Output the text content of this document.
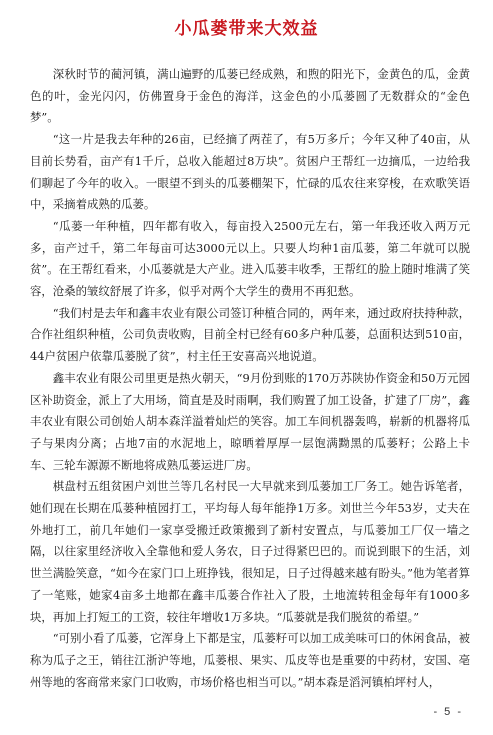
小瓜蒌带来大效益

深秋时节的蔺河镇，满山遍野的瓜蒌已经成熟，和煦的阳光下，金黄色的瓜，金黄色的叶，金光闪闪，仿佛置身于金色的海洋，这金色的小瓜蒌圆了无数群众的“金色梦”。

“这一片是我去年种的26亩，已经摘了两茬了，有5万多斤；今年又种了40亩，从目前长势看，亩产有1千斤，总收入能超过8万块”。贫困户王帮红一边摘瓜，一边给我们聊起了今年的收入。一眼望不到头的瓜蒌棚架下，忙碌的瓜农往来穿梭，在欢歌笑语中，采摘着成熟的瓜蒌。

“瓜蒌一年种植，四年都有收入，每亩投入2500元左右，第一年我还收入两万元多，亩产过千，第二年每亩可达3000元以上。只要人均种1亩瓜蒌，第二年就可以脱贫”。在王帮红看来，小瓜蒌就是大产业。进入瓜蒌丰收季，王帮红的脸上随时堆满了笑容，沧桑的皱纹舒展了许多，似乎对两个大学生的费用不再犯愁。

“我们村是去年和鑫丰农业有限公司签订种植合同的，两年来，通过政府扶持种款，合作社组织种植，公司负责收购，目前全村已经有60多户种瓜蒌，总面积达到510亩，44户贫困户依靠瓜蒌脱了贫”，村主任王安喜高兴地说道。

鑫丰农业有限公司里更是热火朝天，“9月份到账的170万苏陕协作资金和50万元园区补助资金，派上了大用场，简直是及时雨啊，我们购置了加工设备，扩建了厂房”，鑫丰农业有限公司创始人胡本森洋溢着灿烂的笑容。加工车间机器轰鸣，崭新的机器将瓜子与果肉分离；占地7亩的水泥地上，晾晒着厚厚一层饱满黝黑的瓜蒌籽；公路上卡车、三轮车源源不断地将成熟瓜蒌运进厂房。

棋盘村五组贫困户刘世兰等几名村民一大早就来到瓜蒌加工厂务工。她告诉笔者，她们现在长期在瓜蒌种植园打工，平均每人每年能挣1万多。刘世兰今年53岁，丈夫在外地打工，前几年她们一家享受搬迁政策搬到了新村安置点，与瓜蒌加工厂仅一墙之隔，以往家里经济收入全靠他和爱人务农，日子过得紧巴巴的。而说到眼下的生活，刘世兰满脸笑意，“如今在家门口上班挣钱，很知足，日子过得越来越有盼头。”他为笔者算了一笔账，她家4亩多土地都在鑫丰瓜蒌合作社入了股，土地流转租金每年有1000多块，再加上打短工的工资，较往年增收1万多块。“瓜蒌就是我们脱贫的希望。”

“可别小看了瓜蒌，它浑身上下都是宝，瓜蒌籽可以加工成美味可口的休闲食品，被称为瓜子之王，销往江浙沪等地，瓜蒌根、果实、瓜皮等也是重要的中药材，安国、亳州等地的客商常来家门口收购，市场价格也相当可以。”胡本森是滔河镇柏坪村人，

- 5 -
